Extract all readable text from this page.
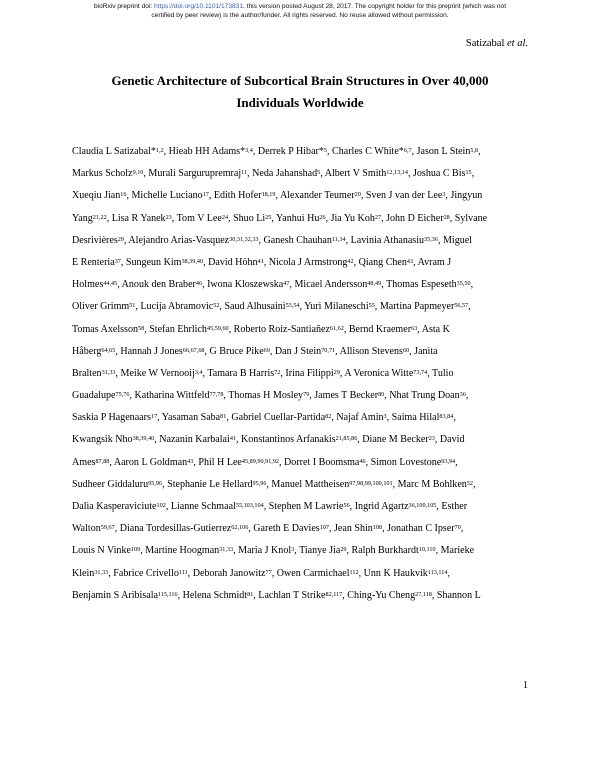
bioRxiv preprint doi: https://doi.org/10.1101/173831. this version posted August 28, 2017. The copyright holder for this preprint (which was not
certified by peer review) is the author/funder. All rights reserved. No reuse allowed without permission.
Satizabal et al.
Genetic Architecture of Subcortical Brain Structures in Over 40,000
Individuals Worldwide
Claudia L Satizabal*$^{1,2}$, Hieab HH Adams*$^{3,4}$, Derrek P Hibar*$^5$, Charles C White*$^{6,7}$, Jason L Stein$^{5,8}$,
Markus Scholz$^{9,10}$, Murali Sargurupremraj$^{11}$, Neda Jahanshad$^5$, Albert V Smith$^{12,13,14}$, Joshua C Bis$^{15}$,
Xueqiu Jian$^{16}$, Michelle Luciano$^{17}$, Edith Hofer$^{18,19}$, Alexander Teumer$^{20}$, Sven J van der Lee$^3$, Jingyun
Yang$^{21,22}$, Lisa R Yanek$^{23}$, Tom V Lee$^{24}$, Shuo Li$^{25}$, Yanhui Hu$^{26}$, Jia Yu Koh$^{27}$, John D Eicher$^{28}$, Sylvane
Desrivières$^{29}$, Alejandro Arias-Vasquez$^{30,31,32,33}$, Ganesh Chauhan$^{11,34}$, Lavinia Athanasiu$^{35,36}$, Miguel
E Renteria$^{37}$, Sungeun Kim$^{38,39,40}$, David Höhn$^{41}$, Nicola J Armstrong$^{42}$, Qiang Chen$^{43}$, Avram J
Holmes$^{44,45}$, Anouk den Braber$^{46}$, Iwona Kloszewska$^{47}$, Micael Andersson$^{48,49}$, Thomas Espeseth$^{35,50}$,
Oliver Grimm$^{51}$, Lucija Abramovic$^{52}$, Saud Alhusaini$^{53,54}$, Yuri Milaneschi$^{55}$, Martina Papmeyer$^{56,57}$,
Tomas Axelsson$^{58}$, Stefan Ehrlich$^{45,59,60}$, Roberto Roiz-Santiañez$^{61,62}$, Bernd Kraemer$^{63}$, Asta K
Håberg$^{64,65}$, Hannah J Jones$^{66,67,68}$, G Bruce Pike$^{69}$, Dan J Stein$^{70,71}$, Allison Stevens$^{60}$, Janita
Bralten$^{31,33}$, Meike W Vernooij$^{3,4}$, Tamara B Harris$^{72}$, Irina Filippi$^{29}$, A Veronica Witte$^{73,74}$, Tulio
Guadalupe$^{75,76}$, Katharina Wittfeld$^{77,78}$, Thomas H Mosley$^{79}$, James T Becker$^{80}$, Nhat Trung Doan$^{36}$,
Saskia P Hagenaars$^{17}$, Yasaman Saba$^{81}$, Gabriel Cuellar-Partida$^{82}$, Najaf Amin$^3$, Saima Hilal$^{83,84}$,
Kwangsik Nho$^{38,39,40}$, Nazanin Karbalai$^{41}$, Konstantinos Arfanakis$^{21,85,86}$, Diane M Becker$^{23}$, David
Ames$^{87,88}$, Aaron L Goldman$^{43}$, Phil H Lee$^{45,89,90,91,92}$, Dorret I Boomsma$^{46}$, Simon Lovestone$^{93,94}$,
Sudheer Giddaluru$^{95,96}$, Stephanie Le Hellard$^{95,96}$, Manuel Mattheisen$^{97,98,99,100,101}$, Marc M Bohlken$^{52}$,
Dalia Kasperaviciute$^{102}$, Lianne Schmaal$^{55,103,104}$, Stephen M Lawrie$^{56}$, Ingrid Agartz$^{36,100,105}$, Esther
Walton$^{59,67}$, Diana Tordesillas-Gutierrez$^{62,106}$, Gareth E Davies$^{107}$, Jean Shin$^{108}$, Jonathan C Ipser$^{70}$,
Louis N Vinke$^{109}$, Martine Hoogman$^{31,33}$, Maria J Knol$^3$, Tianye Jia$^{29}$, Ralph Burkhardt$^{10,110}$, Marieke
Klein$^{31,33}$, Fabrice Crivello$^{111}$, Deborah Janowitz$^{77}$, Owen Carmichael$^{112}$, Unn K Haukvik$^{113,114}$,
Benjamin S Aribisala$^{115,116}$, Helena Schmidt$^{81}$, Lachlan T Strike$^{82,117}$, Ching-Yu Cheng$^{27,118}$, Shannon L
1
